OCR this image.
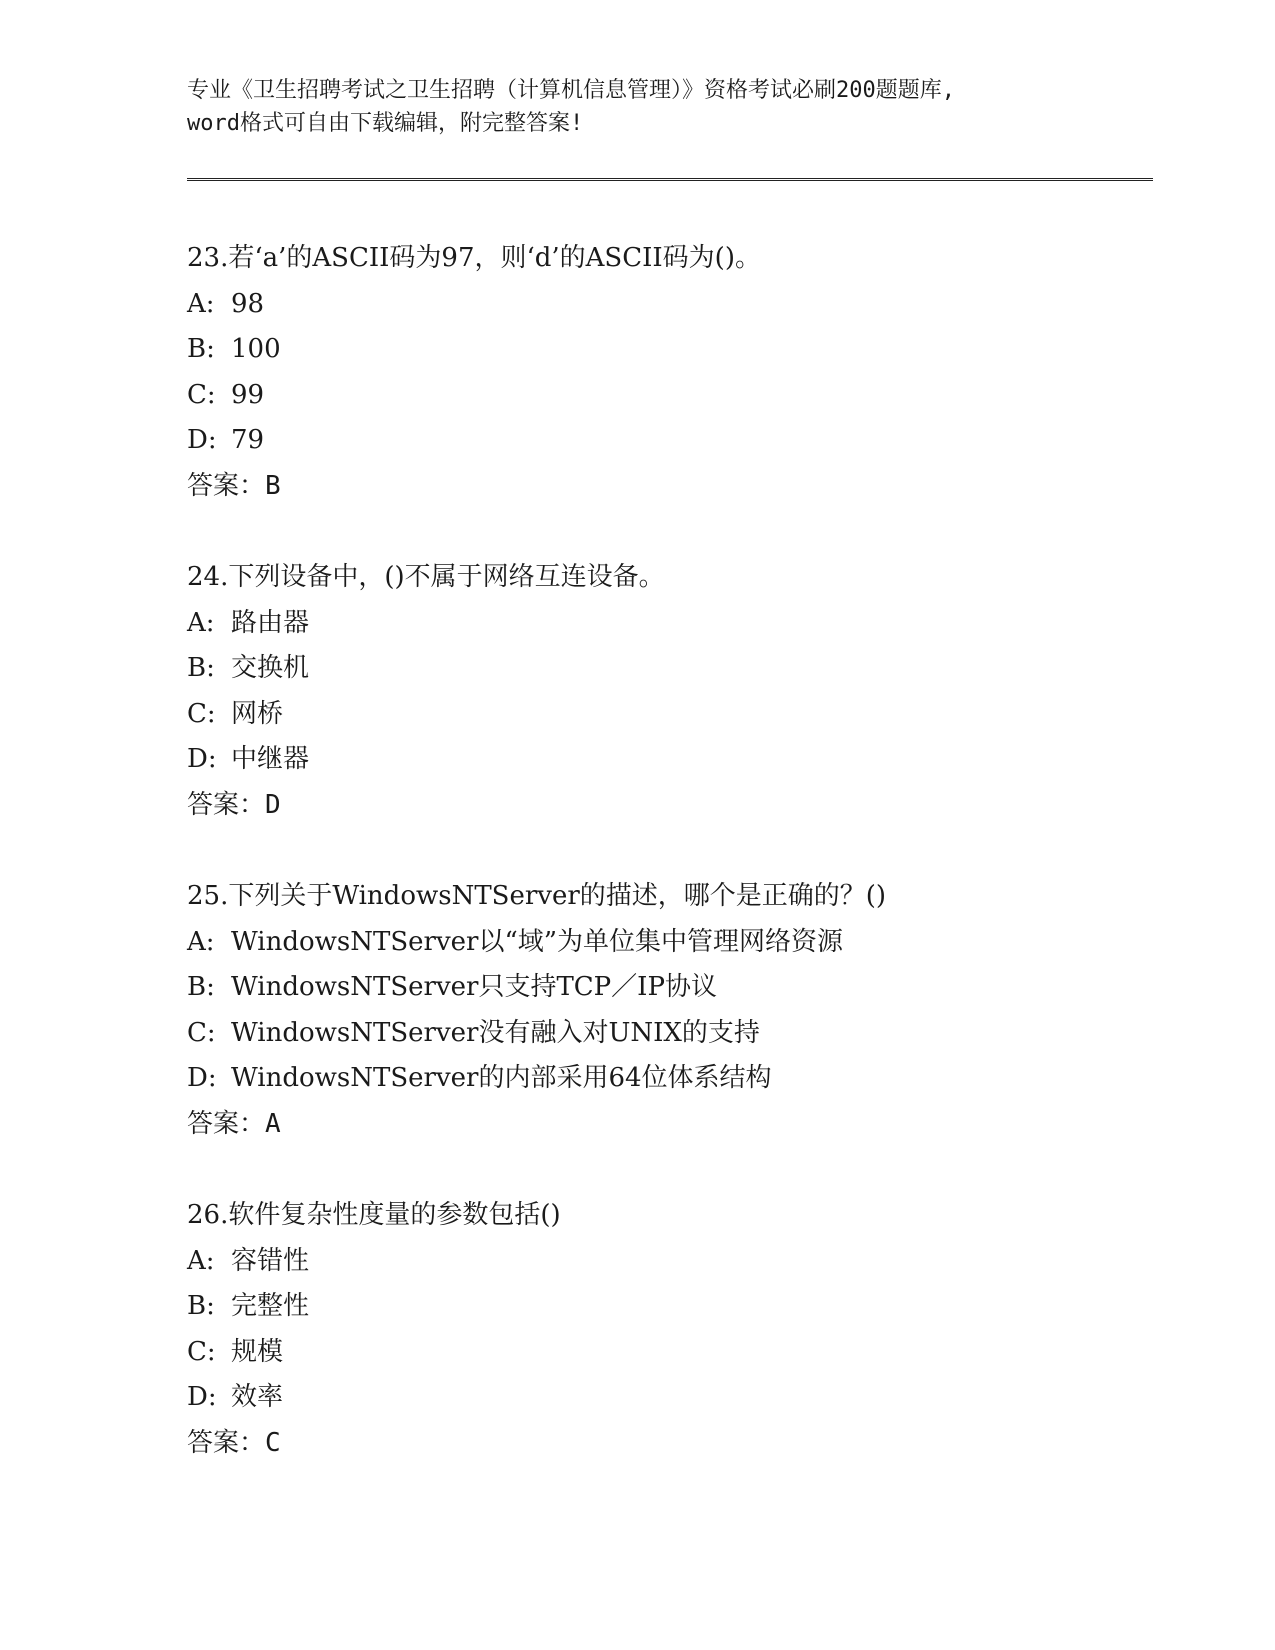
专业《卫生招聘考试之卫生招聘（计算机信息管理）》资格考试必刷200题题库,
word格式可自由下载编辑，附完整答案!
23.若‘a’的ASCII码为97，则‘d’的ASCII码为()。
A: 98
B: 100
C: 99
D: 79
答案：B
24.下列设备中，()不属于网络互连设备。
A: 路由器
B: 交换机
C: 网桥
D: 中继器
答案：D
25.下列关于WindowsNTServer的描述，哪个是正确的？()
A: WindowsNTServer以“域”为单位集中管理网络资源
B: WindowsNTServer只支持TCP／IP协议
C: WindowsNTServer没有融入对UNIX的支持
D: WindowsNTServer的内部采用64位体系结构
答案：A
26.软件复杂性度量的参数包括()
A: 容错性
B: 完整性
C: 规模
D: 效率
答案：C
